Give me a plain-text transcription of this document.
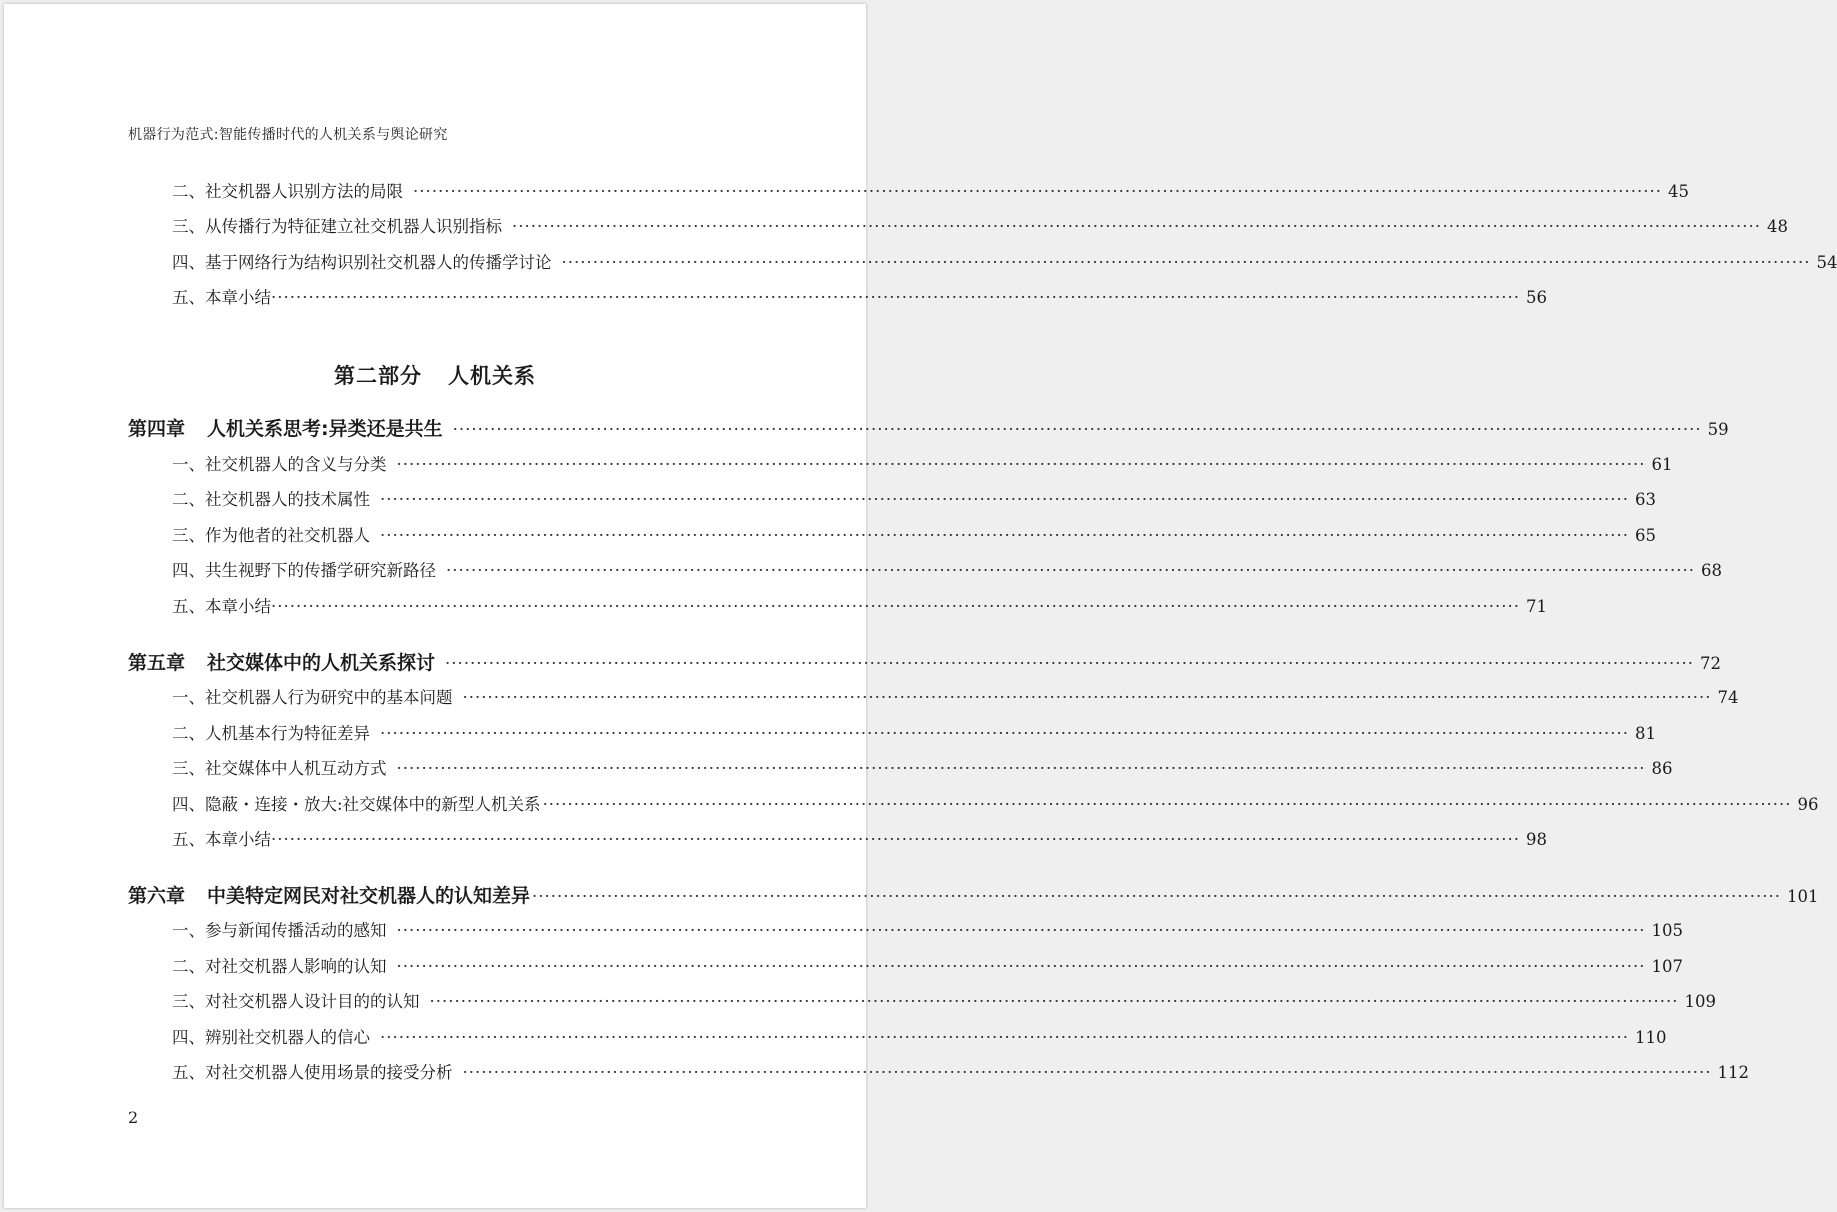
机器行为范式:智能传播时代的人机关系与舆论研究
二、社交机器人识别方法的局限 ········································································································································································································ 45
三、从传播行为特征建立社交机器人识别指标 ········································································································································································································ 48
四、基于网络行为结构识别社交机器人的传播学讨论 ········································································································································································································ 54
五、本章小结 ········································································································································································································ 56
第二部分 人机关系
第四章 人机关系思考:异类还是共生 ········································································································································································································ 59
一、社交机器人的含义与分类 ········································································································································································································ 61
二、社交机器人的技术属性 ········································································································································································································ 63
三、作为他者的社交机器人 ········································································································································································································ 65
四、共生视野下的传播学研究新路径 ········································································································································································································ 68
五、本章小结 ········································································································································································································ 71
第五章 社交媒体中的人机关系探讨 ········································································································································································································ 72
一、社交机器人行为研究中的基本问题 ········································································································································································································ 74
二、人机基本行为特征差异 ········································································································································································································ 81
三、社交媒体中人机互动方式 ········································································································································································································ 86
四、隐蔽・连接・放大:社交媒体中的新型人机关系 ········································································································································································································ 96
五、本章小结 ········································································································································································································ 98
第六章 中美特定网民对社交机器人的认知差异 ········································································································································································································ 101
一、参与新闻传播活动的感知 ········································································································································································································ 105
二、对社交机器人影响的认知 ········································································································································································································ 107
三、对社交机器人设计目的的认知 ········································································································································································································ 109
四、辨别社交机器人的信心 ········································································································································································································ 110
五、对社交机器人使用场景的接受分析 ········································································································································································································ 112
2
